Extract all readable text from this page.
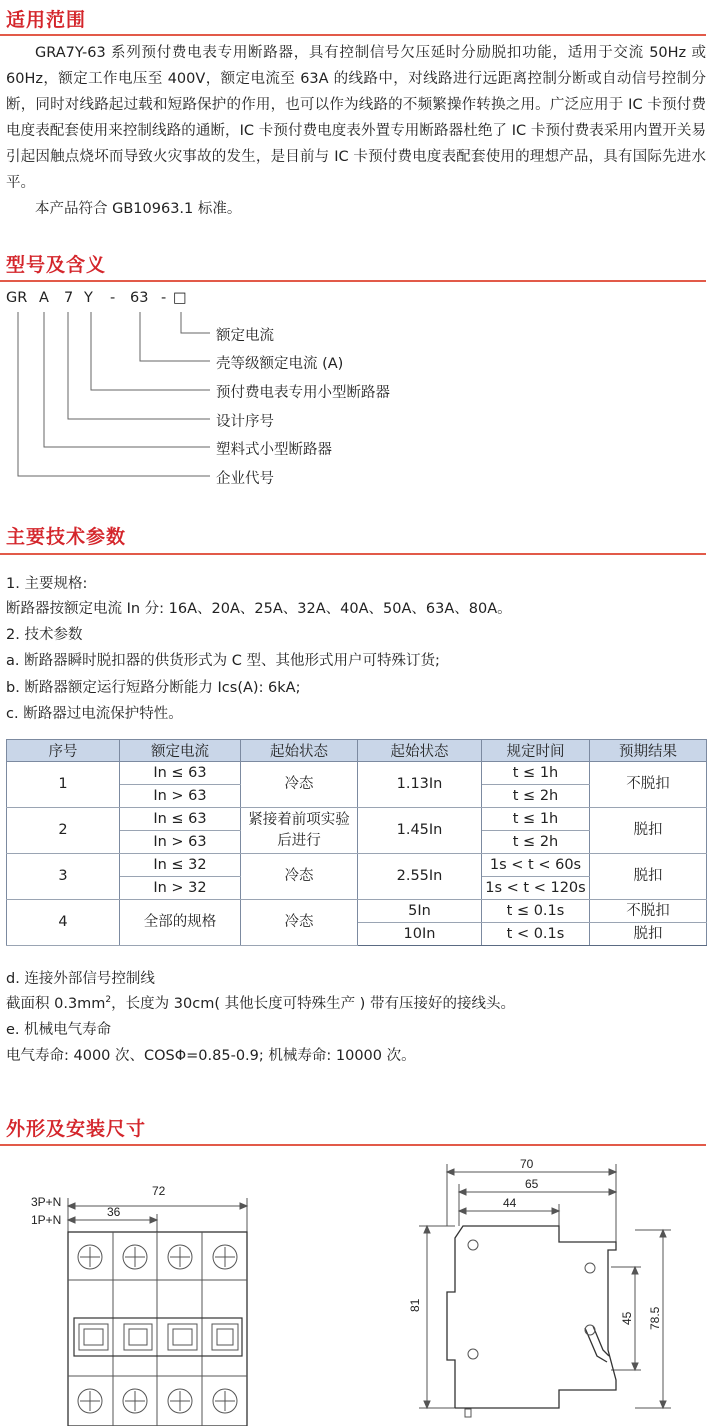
适用范围

GRA7Y-63 系列预付费电表专用断路器，具有控制信号欠压延时分励脱扣功能，适用于交流 50Hz 或 60Hz，额定工作电压至 400V，额定电流至 63A 的线路中，对线路进行远距离控制分断或自动信号控制分断，同时对线路起过载和短路保护的作用，也可以作为线路的不频繁操作转换之用。广泛应用于 IC 卡预付费电度表配套使用来控制线路的通断，IC 卡预付费电度表外置专用断路器杜绝了 IC 卡预付费表采用内置开关易引起因触点烧坏而导致火灾事故的发生，是目前与 IC 卡预付费电度表配套使用的理想产品，具有国际先进水平。

本产品符合 GB10963.1 标准。

型号及含义
GR A 7 Y - 63 - □
额定电流
壳等级额定电流 (A)
预付费电表专用小型断路器
设计序号
塑料式小型断路器
企业代号
主要技术参数
1. 主要规格:
断路器按额定电流 In 分: 16A、20A、25A、32A、40A、50A、63A、80A。
2. 技术参数
a. 断路器瞬时脱扣器的供货形式为 C 型、其他形式用户可特殊订货;
b. 断路器额定运行短路分断能力 Ics(A): 6kA;
c. 断路器过电流保护特性。
序号	额定电流	起始状态	起始状态	规定时间	预期结果
1	In ≤ 63	冷态	1.13In	t ≤ 1h	不脱扣
	In > 63			t ≤ 2h	
2	In ≤ 63	紧接着前项实验后进行	1.45In	t ≤ 1h	脱扣
	In > 63			t ≤ 2h	
3	In ≤ 32	冷态	2.55In	1s < t < 60s	脱扣
	In > 32			1s < t < 120s	
4	全部的规格	冷态	5In	t ≤ 0.1s	不脱扣
			10In	t < 0.1s	脱扣
d. 连接外部信号控制线
截面积 $0.3mm^2$，长度为 30cm( 其他长度可特殊生产 ) 带有压接好的接线头。
e. 机械电气寿命
电气寿命: 4000 次、COSΦ=0.85-0.9; 机械寿命: 10000 次。
外形及安装尺寸
3P+N
1P+N
72
36
70
65
44
81
45 78.5
